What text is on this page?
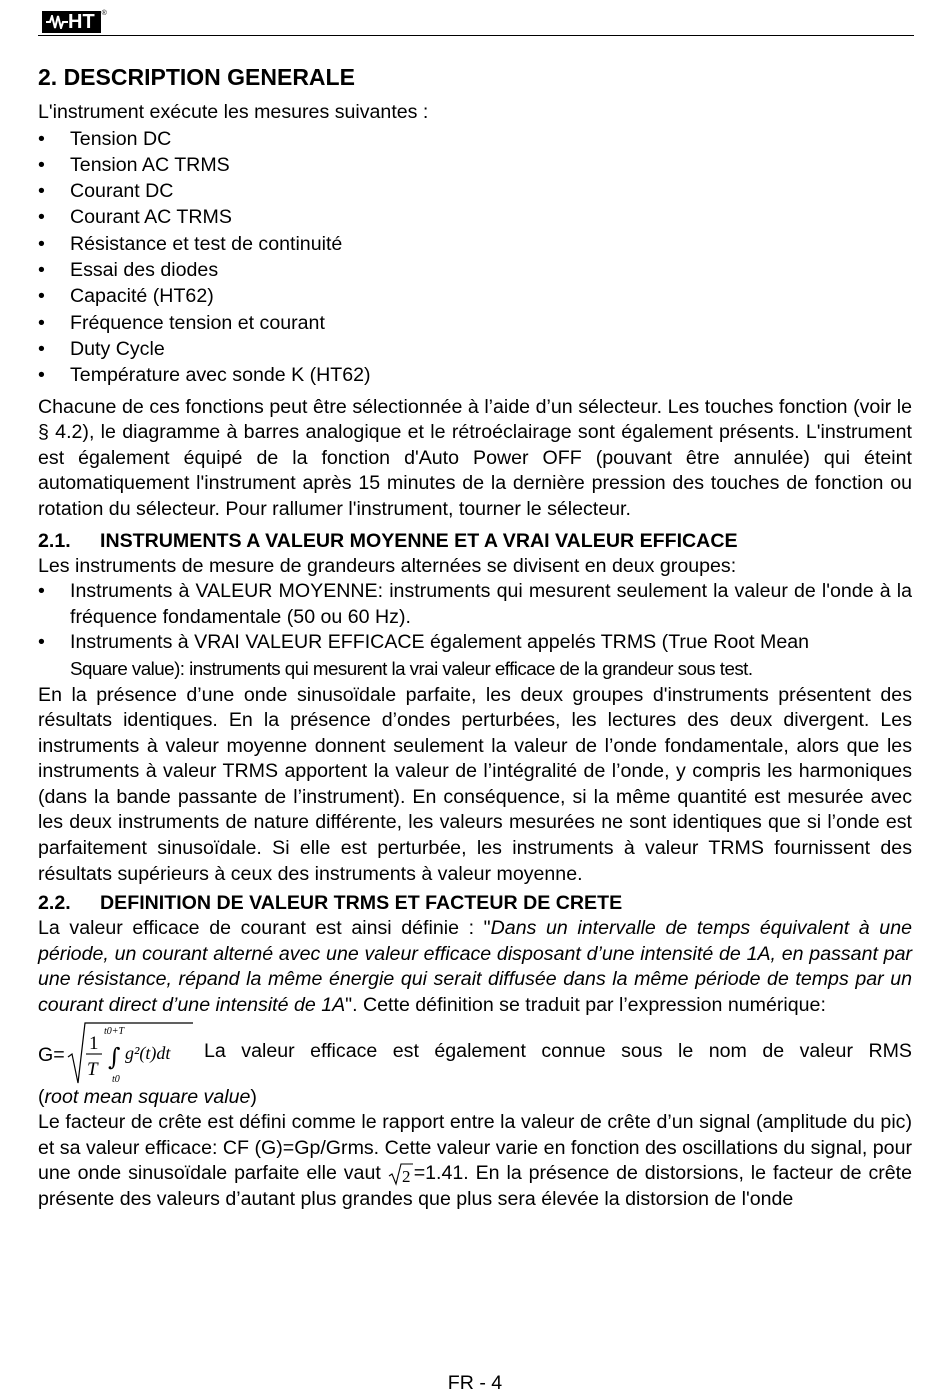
HT ®
2. DESCRIPTION GENERALE

L'instrument exécute les mesures suivantes :

• Tension DC
• Tension AC TRMS
• Courant DC
• Courant AC TRMS
• Résistance et test de continuité
• Essai des diodes
• Capacité (HT62)
• Fréquence tension et courant
• Duty Cycle
• Température avec sonde K (HT62)

Chacune de ces fonctions peut être sélectionnée à l’aide d’un sélecteur. Les touches fonction (voir le § 4.2), le diagramme à barres analogique et le rétroéclairage sont également présents. L'instrument est également équipé de la fonction d'Auto Power OFF (pouvant être annulée) qui éteint automatiquement l'instrument après 15 minutes de la dernière pression des touches de fonction ou rotation du sélecteur. Pour rallumer l'instrument, tourner le sélecteur.

2.1.	INSTRUMENTS A VALEUR MOYENNE ET A VRAI VALEUR EFFICACE

Les instruments de mesure de grandeurs alternées se divisent en deux groupes:

• Instruments à VALEUR MOYENNE: instruments qui mesurent seulement la valeur de l'onde à la fréquence fondamentale (50 ou 60 Hz).
• Instruments à VRAI VALEUR EFFICACE également appelés TRMS (True Root Mean
Square value): instruments qui mesurent la vrai valeur efficace de la grandeur sous test.

En la présence d’une onde sinusoïdale parfaite, les deux groupes d'instruments présentent des résultats identiques. En la présence d’ondes perturbées, les lectures des deux divergent. Les instruments à valeur moyenne donnent seulement la valeur de l’onde fondamentale, alors que les instruments à valeur TRMS apportent la valeur de l’intégralité de l’onde, y compris les harmoniques (dans la bande passante de l’instrument). En conséquence, si la même quantité est mesurée avec les deux instruments de nature différente, les valeurs mesurées ne sont identiques que si l’onde est parfaitement sinusoïdale. Si elle est perturbée, les instruments à valeur TRMS fournissent des résultats supérieurs à ceux des instruments à valeur moyenne.

2.2.	DEFINITION DE VALEUR TRMS ET FACTEUR DE CRETE

La valeur efficace de courant est ainsi définie : "Dans un intervalle de temps équivalent à une période, un courant alterné avec une valeur efficace disposant d’une intensité de 1A, en passant par une résistance, répand la même énergie qui serait diffusée dans la même période de temps par un courant direct d’une intensité de 1A". Cette définition se traduit par l’expression numérique:

G=
1
T
t0+T
∫
t0
g²(t)dt La valeur efficace est également connue sous le nom de valeur RMS

(root mean square value)

Le facteur de crête est défini comme le rapport entre la valeur de crête d’un signal (amplitude du pic) et sa valeur efficace: CF (G)=Gp/Grms. Cette valeur varie en fonction des oscillations du signal, pour une onde sinusoïdale parfaite elle vaut 2 =1.41. En la présence de distorsions, le facteur de crête présente des valeurs d’autant plus grandes que plus sera élevée la distorsion de l'onde

FR - 4
